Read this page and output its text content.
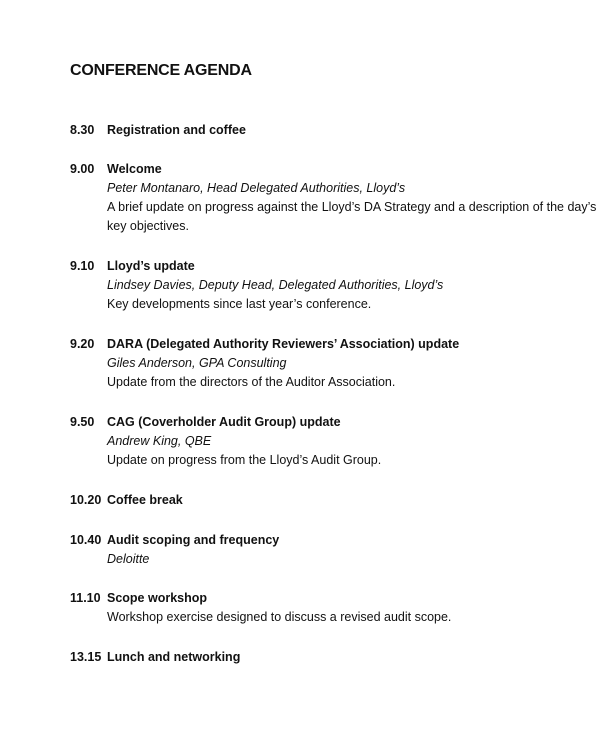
CONFERENCE AGENDA
8.30 Registration and coffee
9.00 Welcome
Peter Montanaro, Head Delegated Authorities, Lloyd’s
A brief update on progress against the Lloyd’s DA Strategy and a description of the day’s
key objectives.
9.10 Lloyd’s update
Lindsey Davies, Deputy Head, Delegated Authorities, Lloyd’s
Key developments since last year’s conference.
9.20 DARA (Delegated Authority Reviewers’ Association) update
Giles Anderson, GPA Consulting
Update from the directors of the Auditor Association.
9.50 CAG (Coverholder Audit Group) update
Andrew King, QBE
Update on progress from the Lloyd’s Audit Group.
10.20 Coffee break
10.40 Audit scoping and frequency
Deloitte
11.10 Scope workshop
Workshop exercise designed to discuss a revised audit scope.
13.15 Lunch and networking
